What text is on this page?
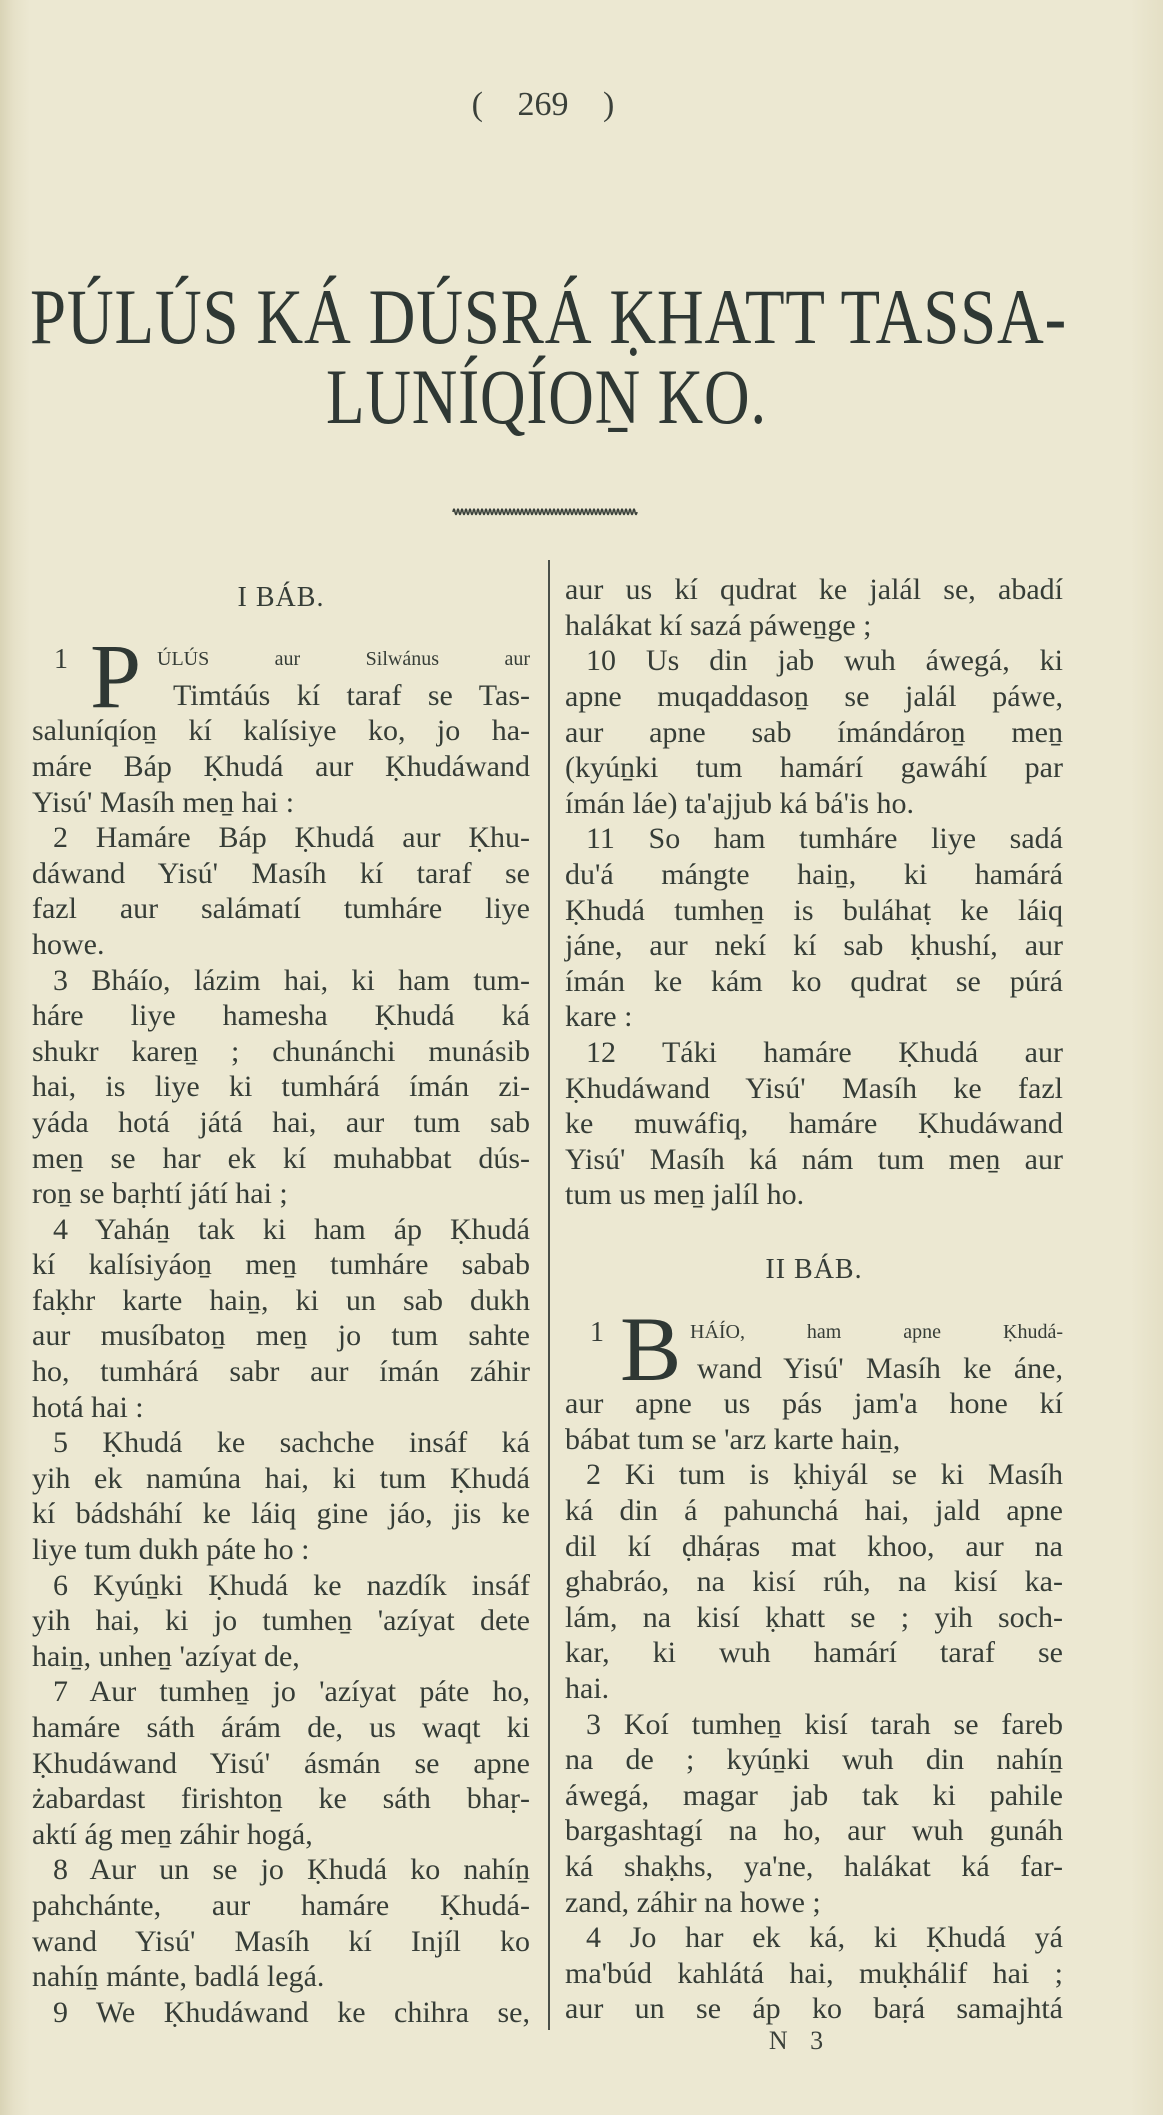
( 269 )
PÚLÚS KÁ DÚSRÁ ḲHATT TASSA-
LUNÍQÍOṈ KO.
I BÁB.
1 P ÚLÚS aur Silwánus aur
Timtáús kí taraf se Tas-
saluníqíoṉ kí kalísiye ko, jo ha-
máre Báp Ḳhudá aur Ḳhudáwand
Yisú' Masíh meṉ hai :
2 Hamáre Báp Ḳhudá aur Ḳhu-
dáwand Yisú' Masíh kí taraf se
fazl aur salámatí tumháre liye
howe.
3 Bháío, lázim hai, ki ham tum-
háre liye hamesha Ḳhudá ká
shukr kareṉ ; chunánchi munásib
hai, is liye ki tumhárá ímán zi-
yáda hotá játá hai, aur tum sab
meṉ se har ek kí muhabbat dús-
roṉ se baṛhtí játí hai ;
4 Yaháṉ tak ki ham áp Ḳhudá
kí kalísiyáoṉ meṉ tumháre sabab
faḳhr karte haiṉ, ki un sab dukh
aur musíbatoṉ meṉ jo tum sahte
ho, tumhárá sabr aur ímán záhir
hotá hai :
5 Ḳhudá ke sachche insáf ká
yih ek namúna hai, ki tum Ḳhudá
kí bádsháhí ke láiq gine jáo, jis ke
liye tum dukh páte ho :
6 Kyúṉki Ḳhudá ke nazdík insáf
yih hai, ki jo tumheṉ 'azíyat dete
haiṉ, unheṉ 'azíyat de,
7 Aur tumheṉ jo 'azíyat páte ho,
hamáre sáth árám de, us waqt ki
Ḳhudáwand Yisú' ásmán se apne
żabardast firishtoṉ ke sáth bhaṛ-
aktí ág meṉ záhir hogá,
8 Aur un se jo Ḳhudá ko nahíṉ
pahchánte, aur hamáre Ḳhudá-
wand Yisú' Masíh kí Injíl ko
nahíṉ mánte, badlá legá.
9 We Ḳhudáwand ke chihra se,
aur us kí qudrat ke jalál se, abadí
halákat kí sazá páweṉge ;
10 Us din jab wuh áwegá, ki
apne muqaddasoṉ se jalál páwe,
aur apne sab ímándároṉ meṉ
(kyúṉki tum hamárí gawáhí par
ímán láe) ta'ajjub ká bá'is ho.
11 So ham tumháre liye sadá
du'á mángte haiṉ, ki hamárá
Ḳhudá tumheṉ is buláhaṭ ke láiq
jáne, aur nekí kí sab ḳhushí, aur
ímán ke kám ko qudrat se púrá
kare :
12 Táki hamáre Ḳhudá aur
Ḳhudáwand Yisú' Masíh ke fazl
ke muwáfiq, hamáre Ḳhudáwand
Yisú' Masíh ká nám tum meṉ aur
tum us meṉ jalíl ho.
II BÁB.
1 B HÁÍO, ham apne Ḳhudá-
wand Yisú' Masíh ke áne,
aur apne us pás jam'a hone kí
bábat tum se 'arz karte haiṉ,
2 Ki tum is ḳhiyál se ki Masíh
ká din á pahunchá hai, jald apne
dil kí ḍháṛas mat khoo, aur na
ghabráo, na kisí rúh, na kisí ka-
lám, na kisí ḳhatt se ; yih soch-
kar, ki wuh hamárí taraf se
hai.
3 Koí tumheṉ kisí tarah se fareb
na de ; kyúṉki wuh din nahíṉ
áwegá, magar jab tak ki pahile
bargashtagí na ho, aur wuh gunáh
ká shaḳhs, ya'ne, halákat ká far-
zand, záhir na howe ;
4 Jo har ek ká, ki Ḳhudá yá
ma'búd kahlátá hai, muḳhálif hai ;
aur un se áp ko baṛá samajhtá
N 3
